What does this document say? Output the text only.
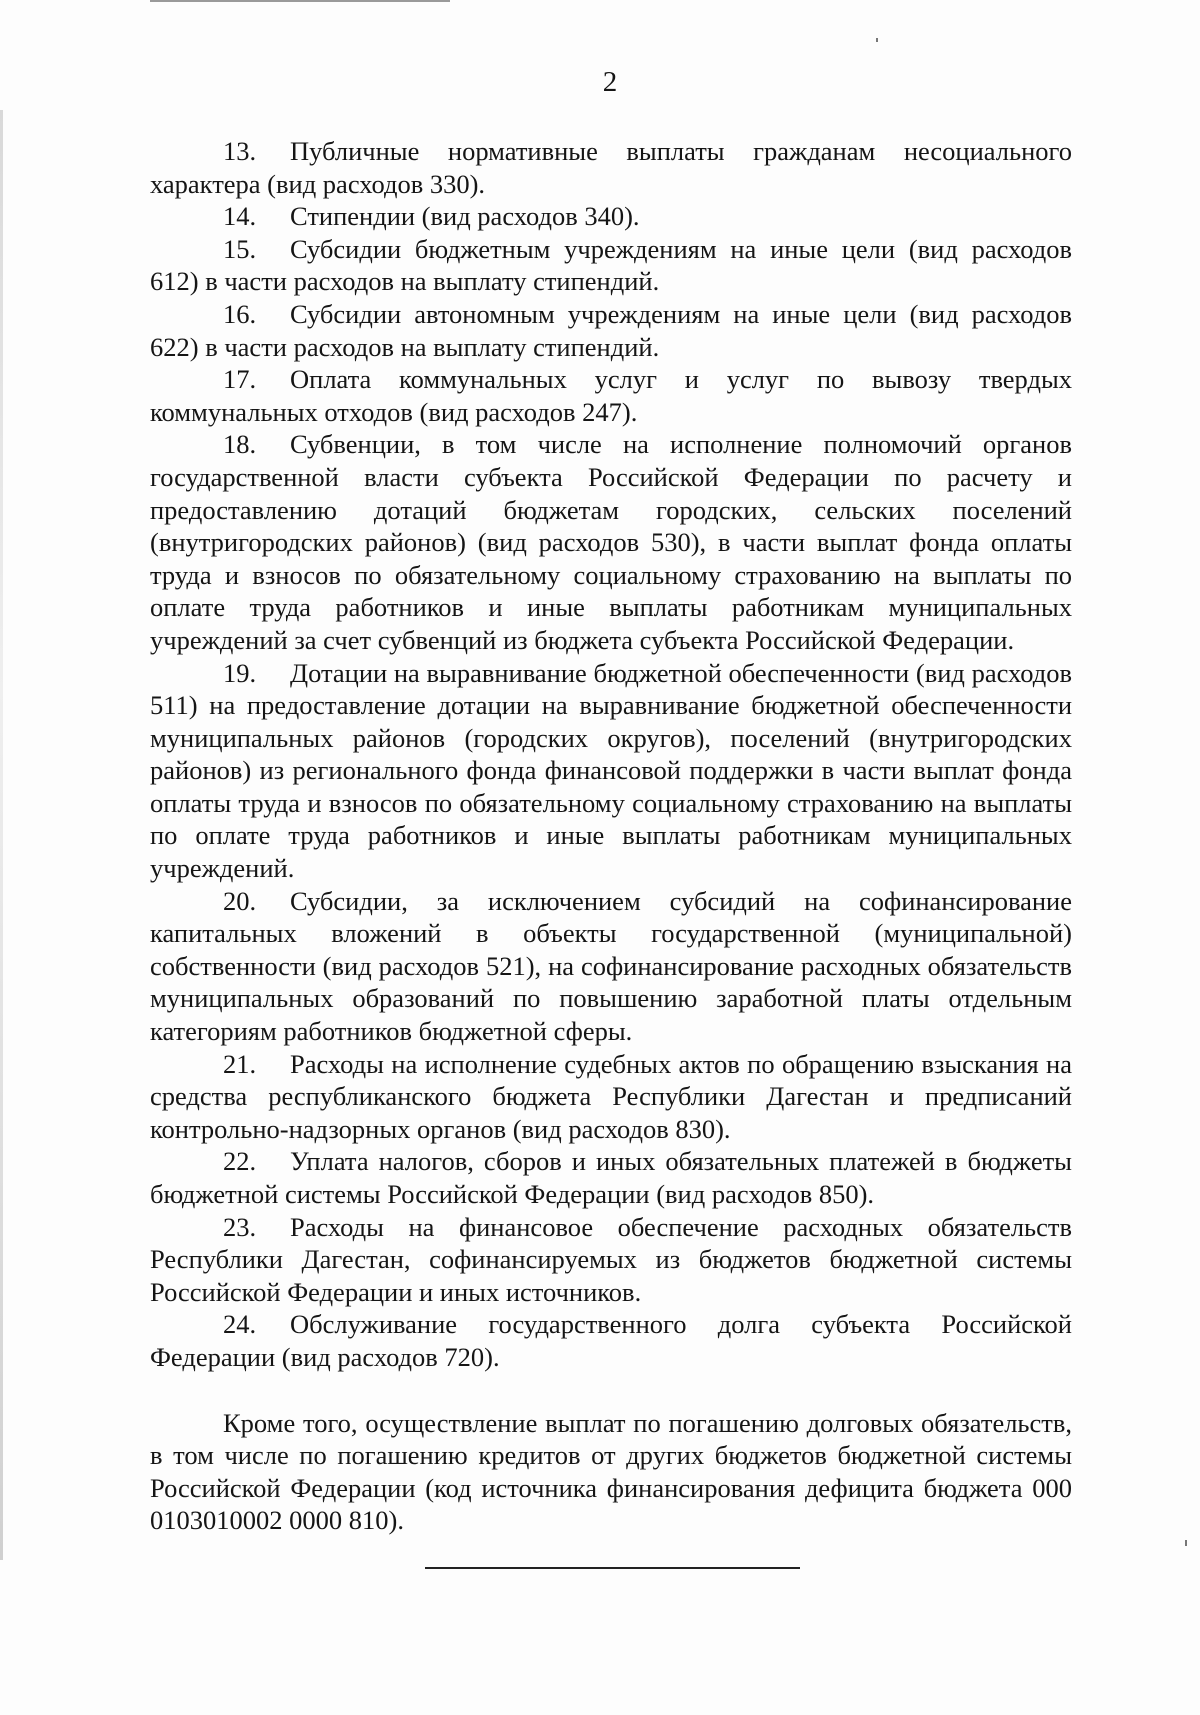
2

13. Публичные нормативные выплаты гражданам несоциального характера (вид расходов 330).

14. Стипендии (вид расходов 340).

15. Субсидии бюджетным учреждениям на иные цели (вид расходов 612) в части расходов на выплату стипендий.

16. Субсидии автономным учреждениям на иные цели (вид расходов 622) в части расходов на выплату стипендий.

17. Оплата коммунальных услуг и услуг по вывозу твердых коммунальных отходов (вид расходов 247).

18. Субвенции, в том числе на исполнение полномочий органов государственной власти субъекта Российской Федерации по расчету и предоставлению дотаций бюджетам городских, сельских поселений (внутригородских районов) (вид расходов 530), в части выплат фонда оплаты труда и взносов по обязательному социальному страхованию на выплаты по оплате труда работников и иные выплаты работникам муниципальных учреждений за счет субвенций из бюджета субъекта Российской Федерации.

19. Дотации на выравнивание бюджетной обеспеченности (вид расходов 511) на предоставление дотации на выравнивание бюджетной обеспеченности муниципальных районов (городских округов), поселений (внутригородских районов) из регионального фонда финансовой поддержки в части выплат фонда оплаты труда и взносов по обязательному социальному страхованию на выплаты по оплате труда работников и иные выплаты работникам муниципальных учреждений.

20. Субсидии, за исключением субсидий на софинансирование капитальных вложений в объекты государственной (муниципальной) собственности (вид расходов 521), на софинансирование расходных обязательств муниципальных образований по повышению заработной платы отдельным категориям работников бюджетной сферы.

21. Расходы на исполнение судебных актов по обращению взыскания на средства республиканского бюджета Республики Дагестан и предписаний контрольно-надзорных органов (вид расходов 830).

22. Уплата налогов, сборов и иных обязательных платежей в бюджеты бюджетной системы Российской Федерации (вид расходов 850).

23. Расходы на финансовое обеспечение расходных обязательств Республики Дагестан, софинансируемых из бюджетов бюджетной системы Российской Федерации и иных источников.

24. Обслуживание государственного долга субъекта Российской Федерации (вид расходов 720).

Кроме того, осуществление выплат по погашению долговых обязательств, в том числе по погашению кредитов от других бюджетов бюджетной системы Российской Федерации (код источника финансирования дефицита бюджета 000 0103010002 0000 810).
